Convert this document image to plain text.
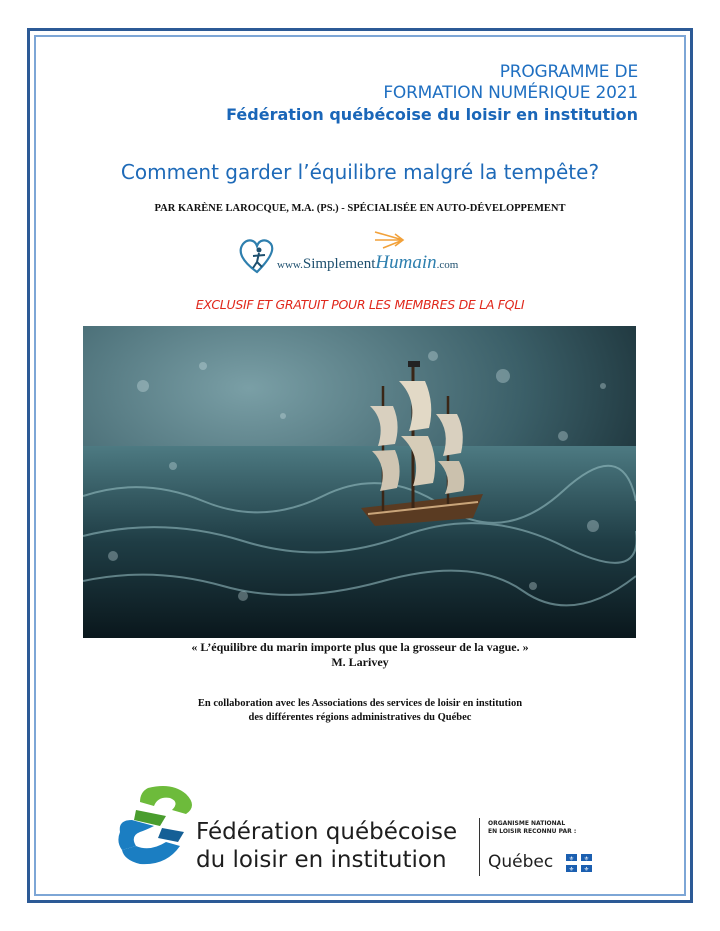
PROGRAMME DE
FORMATION NUMÉRIQUE 2021
Fédération québécoise du loisir en institution
Comment garder l’équilibre malgré la tempête?
PAR KARÈNE LAROCQUE, M.A. (PS.) - SPÉCIALISÉE EN AUTO-DÉVELOPPEMENT
www.SimplementHumain.com
EXCLUSIF ET GRATUIT POUR LES MEMBRES DE LA FQLI
« L’équilibre du marin importe plus que la grosseur de la vague. »
M. Larivey
En collaboration avec les Associations des services de loisir en institution
des différentes régions administratives du Québec
Fédération québécoise
du loisir en institution
ORGANISME NATIONAL
EN LOISIR RECONNU PAR :
Québec	⚜ ⚜
⚜ ⚜
